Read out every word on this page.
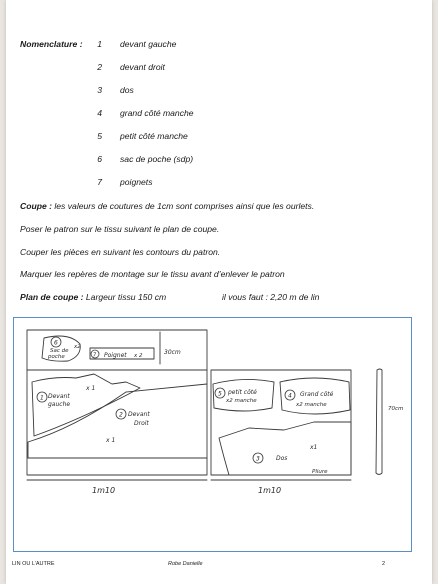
Nomenclature :	1 devant gauche
2 devant droit
3 dos
4 grand côté manche
5 petit côté manche
6 sac de poche (sdp)
7 poignets
Coupe : les valeurs de coutures de 1cm sont comprises ainsi que les ourlets.
Poser le patron sur le tissu suivant le plan de coupe.
Couper les pièces en suivant les contours du patron.
Marquer les repères de montage sur le tissu avant d’enlever le patron
Plan de coupe : Largeur tissu 150 cm	il vous faut : 2,20 m de lin
6
Sac de
poche
x2
7 Poignet x 2	30cm
1 Devant
gauche
x 1
2 Devant
Droit
x 1
5 petit côté
x2 manche
4 Grand côté
x2 manche
3	Dos
x1
Pliure
70cm
1m10	1m10
LIN OU L’AUTRE	Robe Danielle	2
